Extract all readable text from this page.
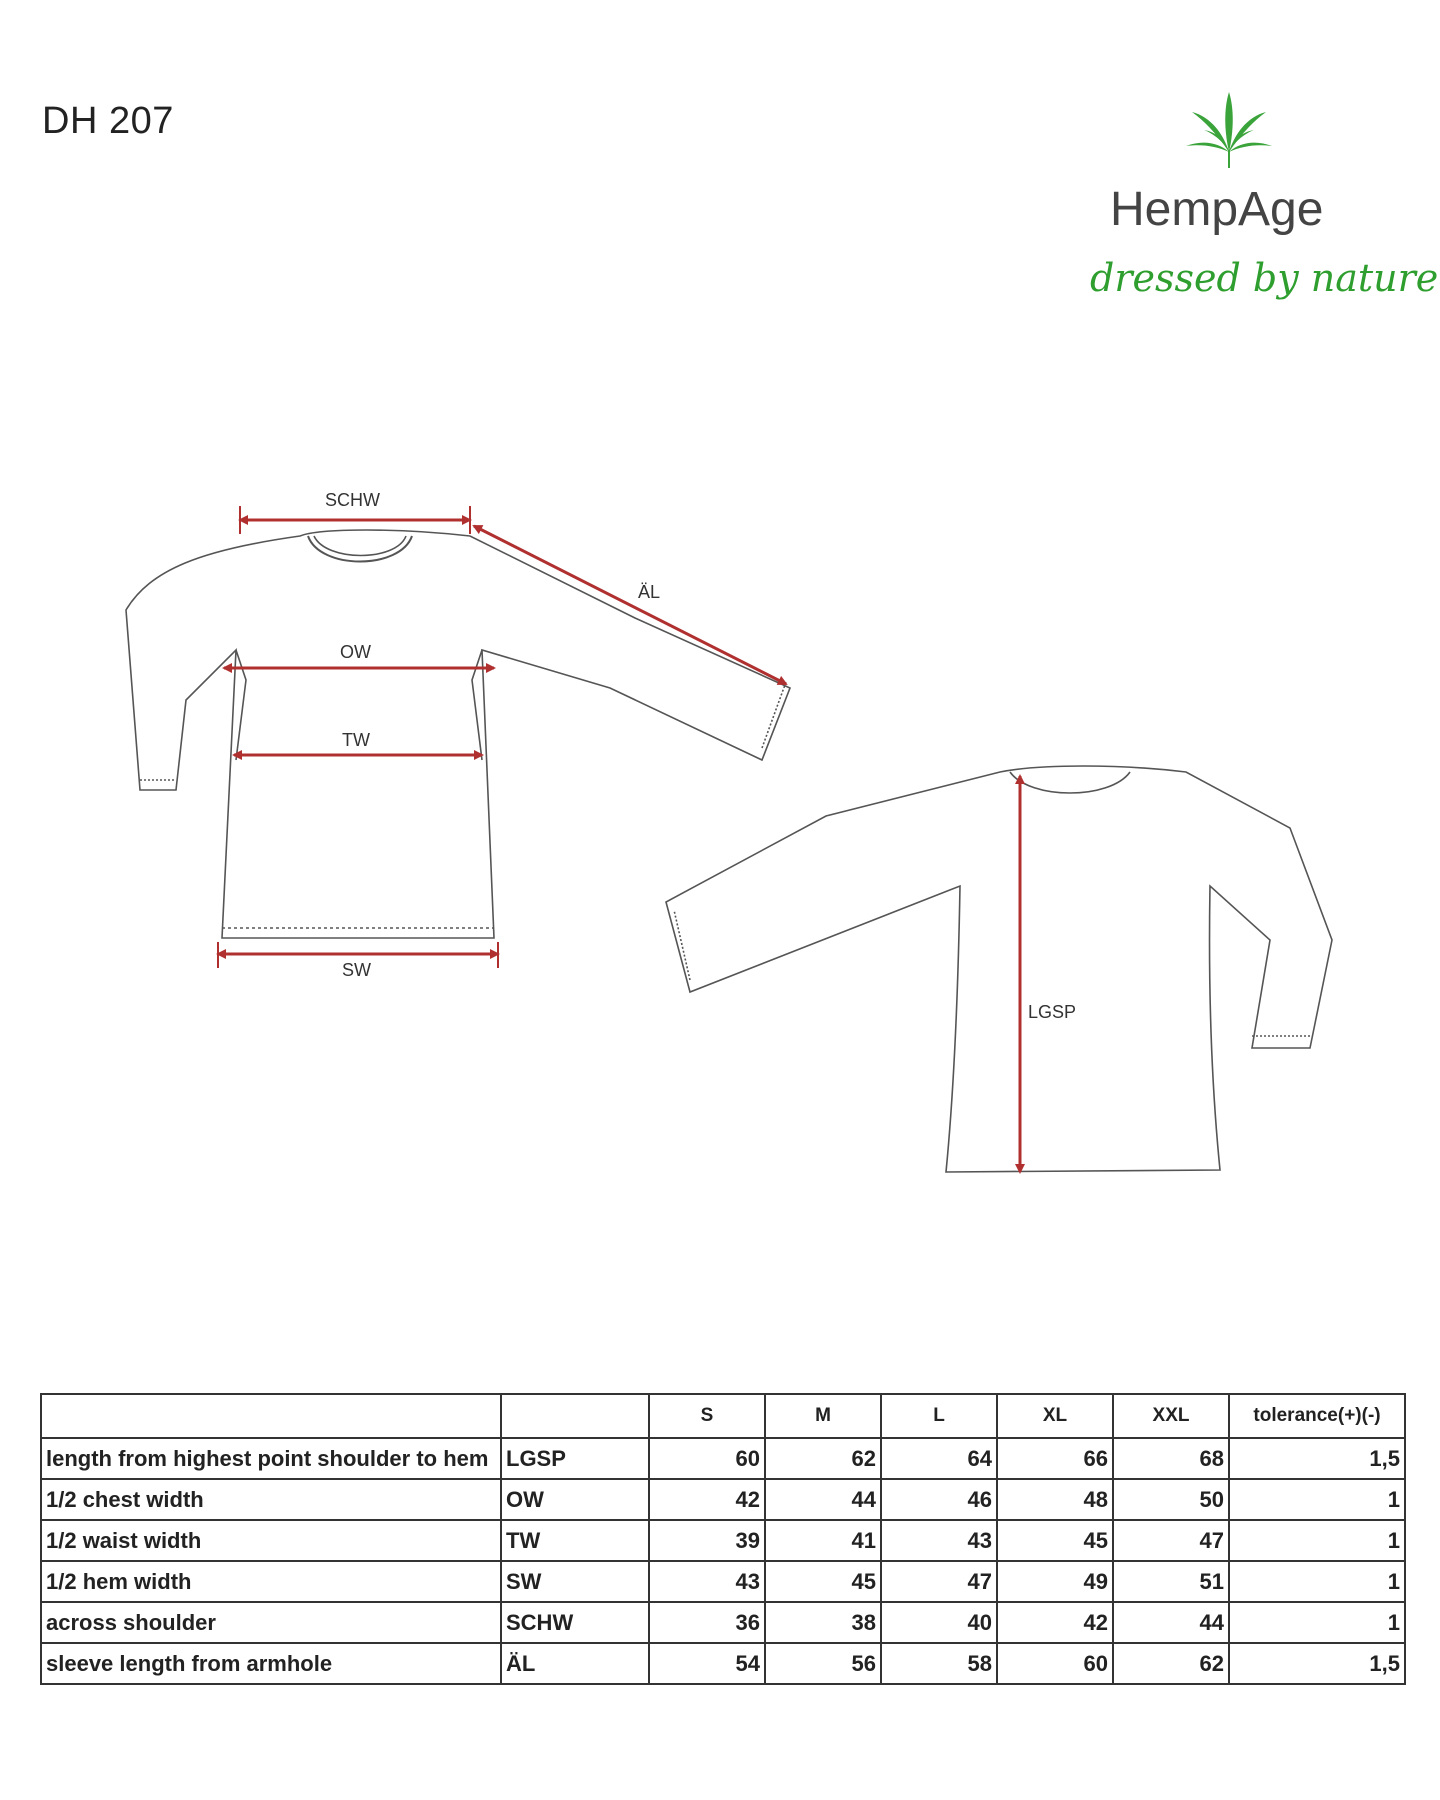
DH 207
HempAge
dressed by nature
SCHW
ÄL
OW
TW
SW
LGSP
		S	M	L	XL	XXL	tolerance(+)(-)
length from highest point shoulder to hem	LGSP	60	62	64	66	68	1,5
1/2 chest width	OW	42	44	46	48	50	1
1/2 waist width	TW	39	41	43	45	47	1
1/2 hem width	SW	43	45	47	49	51	1
across shoulder	SCHW	36	38	40	42	44	1
sleeve length from armhole	ÄL	54	56	58	60	62	1,5
